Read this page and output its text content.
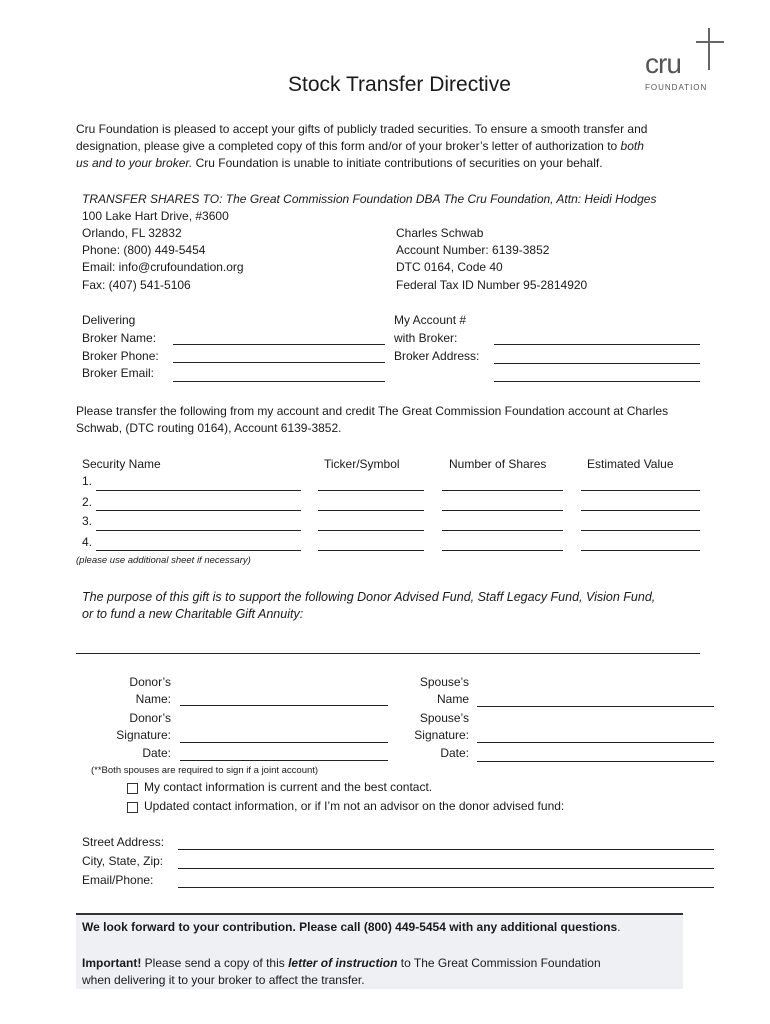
cru
FOUNDATION
Stock Transfer Directive
Cru Foundation is pleased to accept your gifts of publicly traded securities. To ensure a smooth transfer and
designation, please give a completed copy of this form and/or of your broker’s letter of authorization to both
us and to your broker. Cru Foundation is unable to initiate contributions of securities on your behalf.
TRANSFER SHARES TO: The Great Commission Foundation DBA The Cru Foundation, Attn: Heidi Hodges
100 Lake Hart Drive, #3600
Orlando, FL 32832
Phone: (800) 449-5454
Email: info@crufoundation.org
Fax: (407) 541-5106
Charles Schwab
Account Number: 6139-3852
DTC 0164, Code 40
Federal Tax ID Number 95-2814920
Delivering
Broker Name:
Broker Phone:
Broker Email:
My Account #
with Broker:
Broker Address:
Please transfer the following from my account and credit The Great Commission Foundation account at Charles
Schwab, (DTC routing 0164), Account 6139-3852.
Security Name	Ticker/Symbol	Number of Shares	Estimated Value
1.
2.
3.
4.
(please use additional sheet if necessary)
The purpose of this gift is to support the following Donor Advised Fund, Staff Legacy Fund, Vision Fund,
or to fund a new Charitable Gift Annuity:
Donor’s
Name:
Donor’s
Signature:
Date:
Spouse’s
Name
Spouse’s
Signature:
Date:
(**Both spouses are required to sign if a joint account)
My contact information is current and the best contact.
Updated contact information, or if I’m not an advisor on the donor advised fund:
Street Address:
City, State, Zip:
Email/Phone:
We look forward to your contribution. Please call (800) 449-5454 with any additional questions.
Important! Please send a copy of this letter of instruction to The Great Commission Foundation
when delivering it to your broker to affect the transfer.
